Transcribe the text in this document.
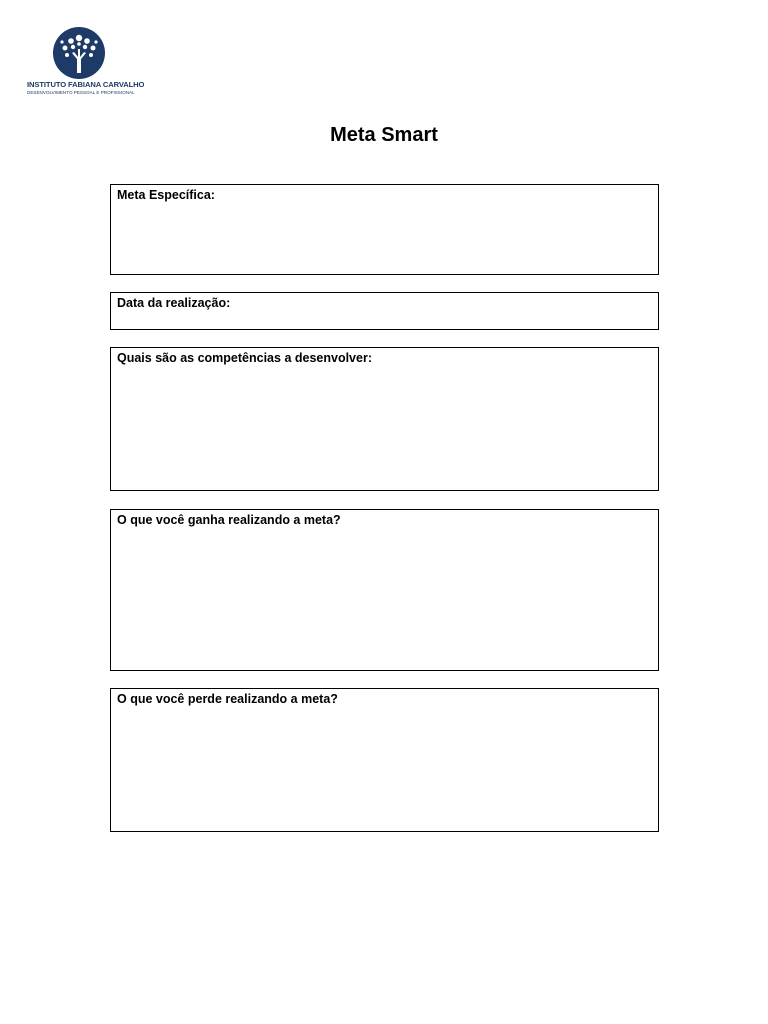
INSTITUTO FABIANA CARVALHO
DESENVOLVIMENTO PESSOAL E PROFISSIONAL
Meta Smart
Meta Específica:
Data da realização:
Quais são as competências a desenvolver:
O que você ganha realizando a meta?
O que você perde realizando a meta?
